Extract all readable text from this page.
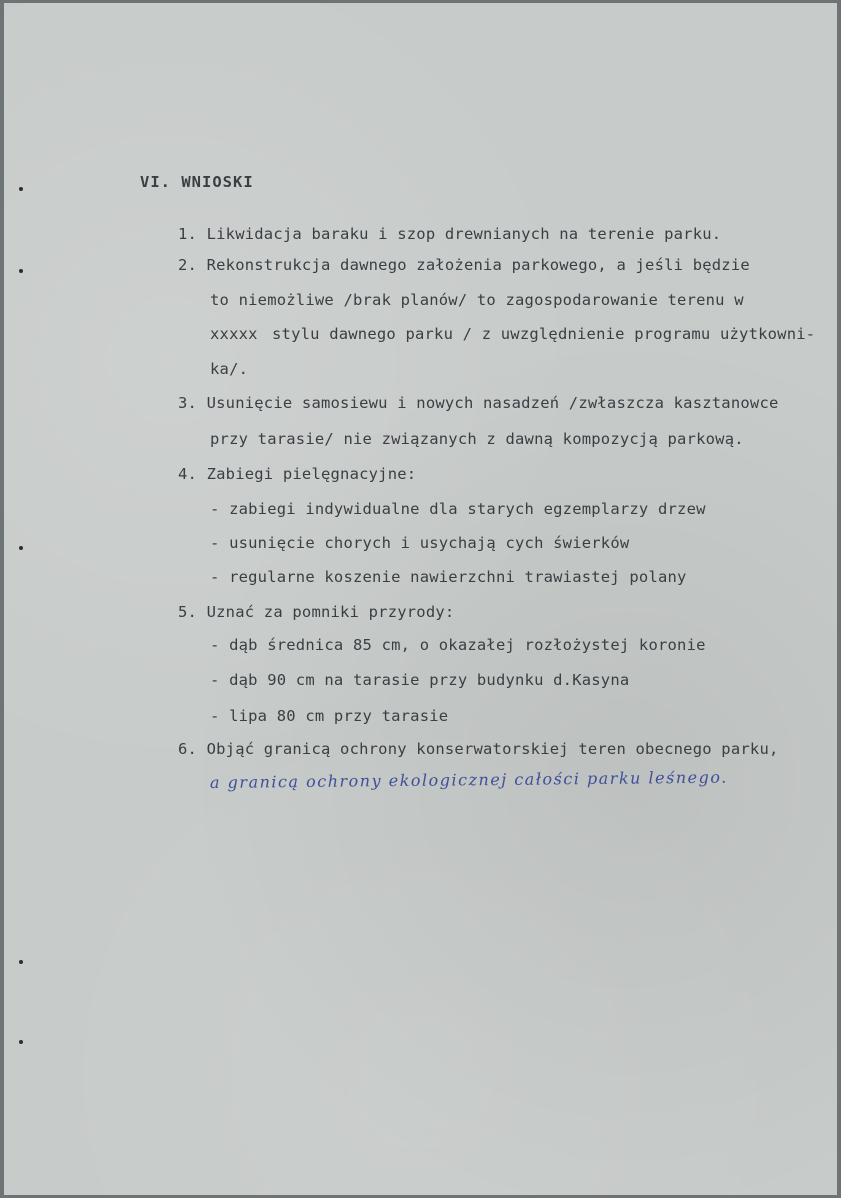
VI. WNIOSKI
1. Likwidacja baraku i szop drewnianych na terenie parku.
2. Rekonstrukcja dawnego założenia parkowego, a jeśli będzie
to niemożliwe /brak planów/ to zagospodarowanie terenu w
xxxxx stylu dawnego parku / z uwzględnienie programu użytkowni-
ka/.
3. Usunięcie samosiewu i nowych nasadzeń /zwłaszcza kasztanowce
przy tarasie/ nie związanych z dawną kompozycją parkową.
4. Zabiegi pielęgnacyjne:
- zabiegi indywidualne dla starych egzemplarzy drzew
- usunięcie chorych i usychają cych świerków
- regularne koszenie nawierzchni trawiastej polany
5. Uznać za pomniki przyrody:
- dąb średnica 85 cm, o okazałej rozłożystej koronie
- dąb 90 cm na tarasie przy budynku d.Kasyna
- lipa 80 cm przy tarasie
6. Objąć granicą ochrony konserwatorskiej teren obecnego parku,
a granicą ochrony ekologicznej całości parku leśnego.
